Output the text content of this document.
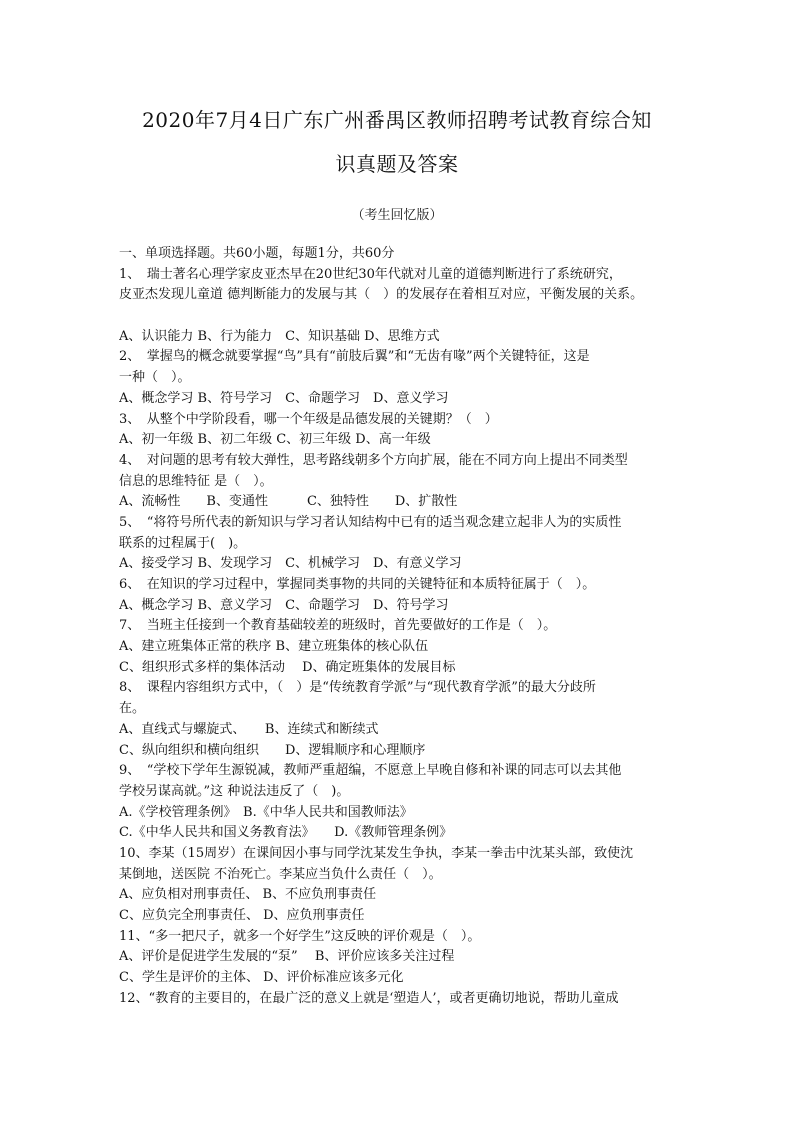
2020年7月4日广东广州番禺区教师招聘考试教育综合知
识真题及答案
（考生回忆版）
一、单项选择题。共60小题，每题1分，共60分
1、　瑞士著名心理学家皮亚杰早在20世纪30年代就对儿童的道德判断进行了系统研究，
皮亚杰发现儿童道 德判断能力的发展与其（　）的发展存在着相互对应，平衡发展的关系。
A、认识能力 B、行为能力　C、知识基础 D、思维方式
2、　掌握鸟的概念就要掌握“鸟”具有“前肢后翼”和“无齿有喙”两个关键特征，这是
一种（　）。
A、概念学习 B、符号学习　C、命题学习　D、意义学习
3、　从整个中学阶段看，哪一个年级是品德发展的关键期？（　）
A、初一年级 B、初二年级 C、初三年级 D、高一年级
4、　对问题的思考有较大弹性，思考路线朝多个方向扩展，能在不同方向上提出不同类型
信息的思维特征 是（　）。
A、流畅性　　B、变通性　　　C、独特性　　D、扩散性
5、　“将符号所代表的新知识与学习者认知结构中已有的适当观念建立起非人为的实质性
联系的过程属于(　)。
A、接受学习 B、发现学习　C、机械学习　D、有意义学习
6、　在知识的学习过程中，掌握同类事物的共同的关键特征和本质特征属于（　）。
A、概念学习 B、意义学习　C、命题学习　D、符号学习
7、　当班主任接到一个教育基础较差的班级时，首先要做好的工作是（　）。
A、建立班集体正常的秩序 B、建立班集体的核心队伍
C、组织形式多样的集体活动　 D、确定班集体的发展目标
8、　课程内容组织方式中，（　）是“传统教育学派”与“现代教育学派”的最大分歧所
在。
A、直线式与螺旋式、　　B、连续式和断续式
C、纵向组织和横向组织　　D、逻辑顺序和心理顺序
9、　“学校下学年生源锐减，教师严重超编，不愿意上早晚自修和补课的同志可以去其他
学校另谋高就。”这 种说法违反了（　)。
A.《学校管理条例》　B.《中华人民共和国教师法》
C.《中华人民共和国义务教育法》　　D.《教师管理条例》
10、李某（15周岁）在课间因小事与同学沈某发生争执，李某一拳击中沈某头部，致使沈
某倒地，送医院 不治死亡。李某应当负什么责任（　）。
A、应负相对刑事责任、 B、不应负刑事责任
C、应负完全刑事责任、 D、应负刑事责任
11、“多一把尺子，就多一个好学生”这反映的评价观是（　）。
A、评价是促进学生发展的“泵”　 B、评价应该多关注过程
C、学生是评价的主体、 D、评价标准应该多元化
12、“教育的主要目的，在最广泛的意义上就是‘塑造人’，或者更确切地说，帮助儿童成
